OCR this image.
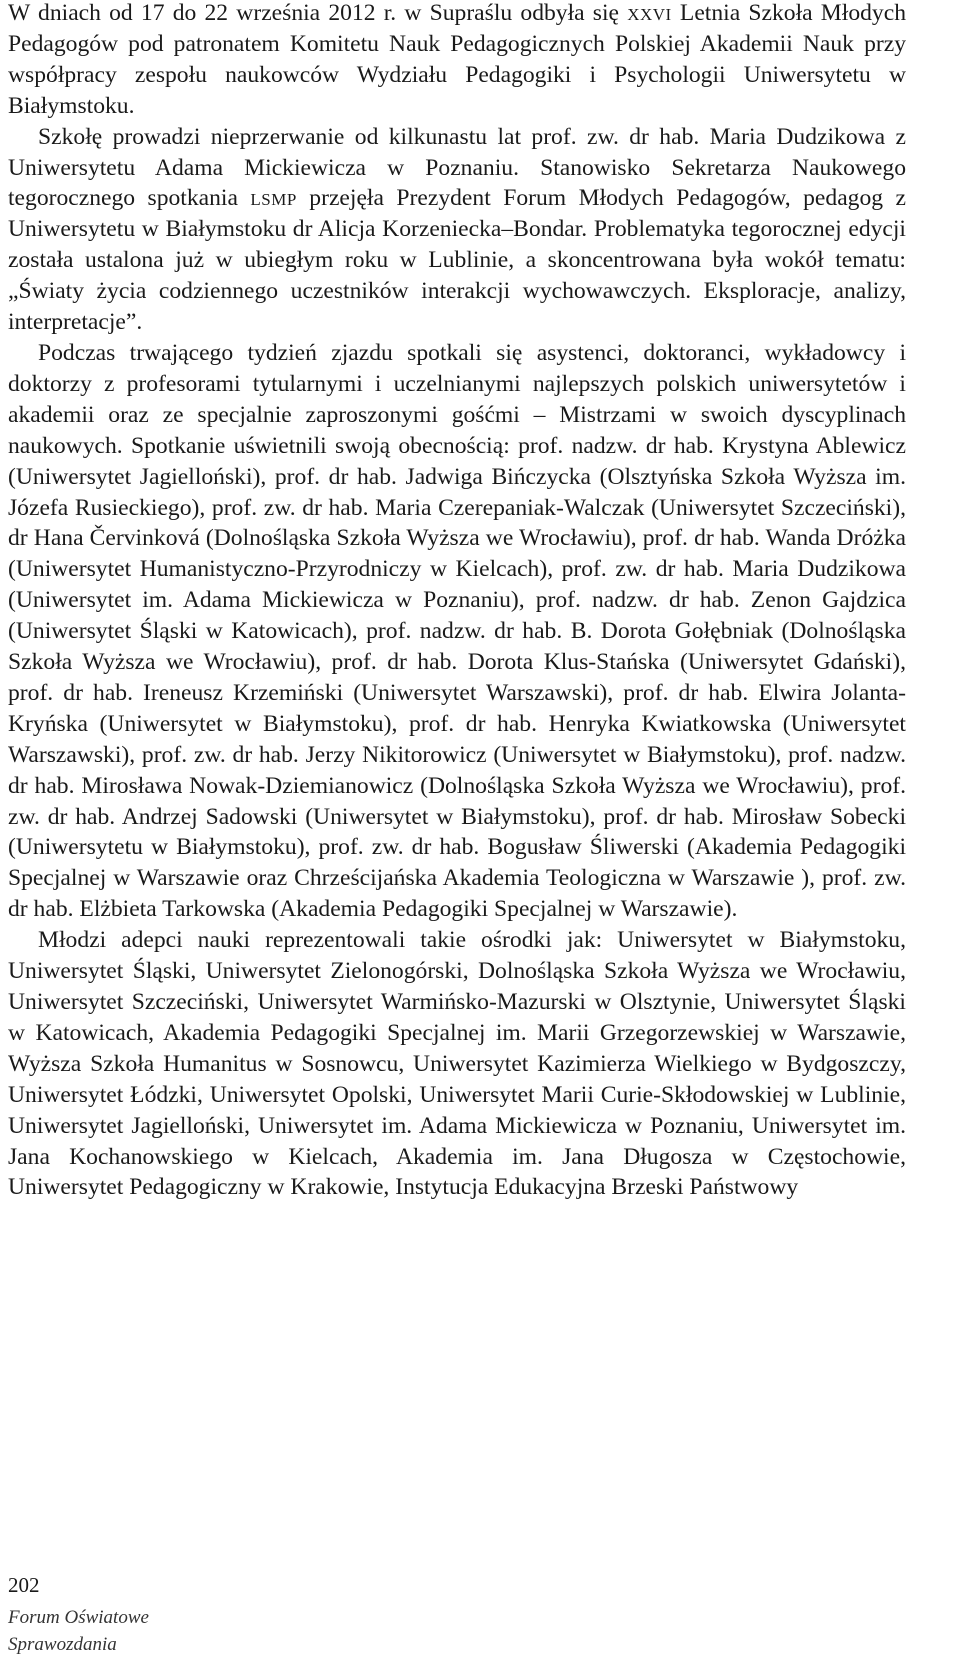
W dniach od 17 do 22 września 2012 r. w Supraślu odbyła się xxvi Letnia Szkoła Młodych Pedagogów pod patronatem Komitetu Nauk Pedagogicznych Polskiej Akademii Nauk przy współpracy zespołu naukowców Wydziału Pedagogiki i Psychologii Uniwersytetu w Białymstoku.

Szkołę prowadzi nieprzerwanie od kilkunastu lat prof. zw. dr hab. Maria Dudzikowa z Uniwersytetu Adama Mickiewicza w Poznaniu. Stanowisko Sekretarza Naukowego tegorocznego spotkania lsmp przejęła Prezydent Forum Młodych Pedagogów, pedagog z Uniwersytetu w Białymstoku dr Alicja Korzeniecka–Bondar. Problematyka tegorocznej edycji została ustalona już w ubiegłym roku w Lublinie, a skoncentrowana była wokół tematu: „Światy życia codziennego uczestników interakcji wychowawczych. Eksploracje, analizy, interpretacje”.

Podczas trwającego tydzień zjazdu spotkali się asystenci, doktoranci, wykładowcy i doktorzy z profesorami tytularnymi i uczelnianymi najlepszych polskich uniwersytetów i akademii oraz ze specjalnie zaproszonymi gośćmi – Mistrzami w swoich dyscyplinach naukowych. Spotkanie uświetnili swoją obecnością: prof. nadzw. dr hab. Krystyna Ablewicz (Uniwersytet Jagielloński), prof. dr hab. Jadwiga Bińczycka (Olsztyńska Szkoła Wyższa im. Józefa Rusieckiego), prof. zw. dr hab. Maria Czerepaniak-Walczak (Uniwersytet Szczeciński), dr Hana Červinková (Dolnośląska Szkoła Wyższa we Wrocławiu), prof. dr hab. Wanda Dróżka (Uniwersytet Humanistyczno-Przyrodniczy w Kielcach), prof. zw. dr hab. Maria Dudzikowa (Uniwersytet im. Adama Mickiewicza w Poznaniu), prof. nadzw. dr hab. Zenon Gajdzica (Uniwersytet Śląski w Katowicach), prof. nadzw. dr hab. B. Dorota Gołębniak (Dolnośląska Szkoła Wyższa we Wrocławiu), prof. dr hab. Dorota Klus-Stańska (Uniwersytet Gdański), prof. dr hab. Ireneusz Krzemiński (Uniwersytet Warszawski), prof. dr hab. Elwira Jolanta-Kryńska (Uniwersytet w Białymstoku), prof. dr hab. Henryka Kwiatkowska (Uniwersytet Warszawski), prof. zw. dr hab. Jerzy Nikitorowicz (Uniwersytet w Białymstoku), prof. nadzw. dr hab. Mirosława Nowak-Dziemianowicz (Dolnośląska Szkoła Wyższa we Wrocławiu), prof. zw. dr hab. Andrzej Sadowski (Uniwersytet w Białymstoku), prof. dr hab. Mirosław Sobecki (Uniwersytetu w Białymstoku), prof. zw. dr hab. Bogusław Śliwerski (Akademia Pedagogiki Specjalnej w Warszawie oraz Chrześcijańska Akademia Teologiczna w Warszawie ), prof. zw. dr hab. Elżbieta Tarkowska (Akademia Pedagogiki Specjalnej w Warszawie).

Młodzi adepci nauki reprezentowali takie ośrodki jak: Uniwersytet w Białymstoku, Uniwersytet Śląski, Uniwersytet Zielonogórski, Dolnośląska Szkoła Wyższa we Wrocławiu, Uniwersytet Szczeciński, Uniwersytet Warmińsko-Mazurski w Olsztynie, Uniwersytet Śląski w Katowicach, Akademia Pedagogiki Specjalnej im. Marii Grzegorzewskiej w Warszawie, Wyższa Szkoła Humanitus w Sosnowcu, Uniwersytet Kazimierza Wielkiego w Bydgoszczy, Uniwersytet Łódzki, Uniwersytet Opolski, Uniwersytet Marii Curie-Skłodowskiej w Lublinie, Uniwersytet Jagielloński, Uniwersytet im. Adama Mickiewicza w Poznaniu, Uniwersytet im. Jana Kochanowskiego w Kielcach, Akademia im. Jana Długosza w Częstochowie, Uniwersytet Pedagogiczny w Krakowie, Instytucja Edukacyjna Brzeski Państwowy

202
Forum Oświatowe
Sprawozdania
